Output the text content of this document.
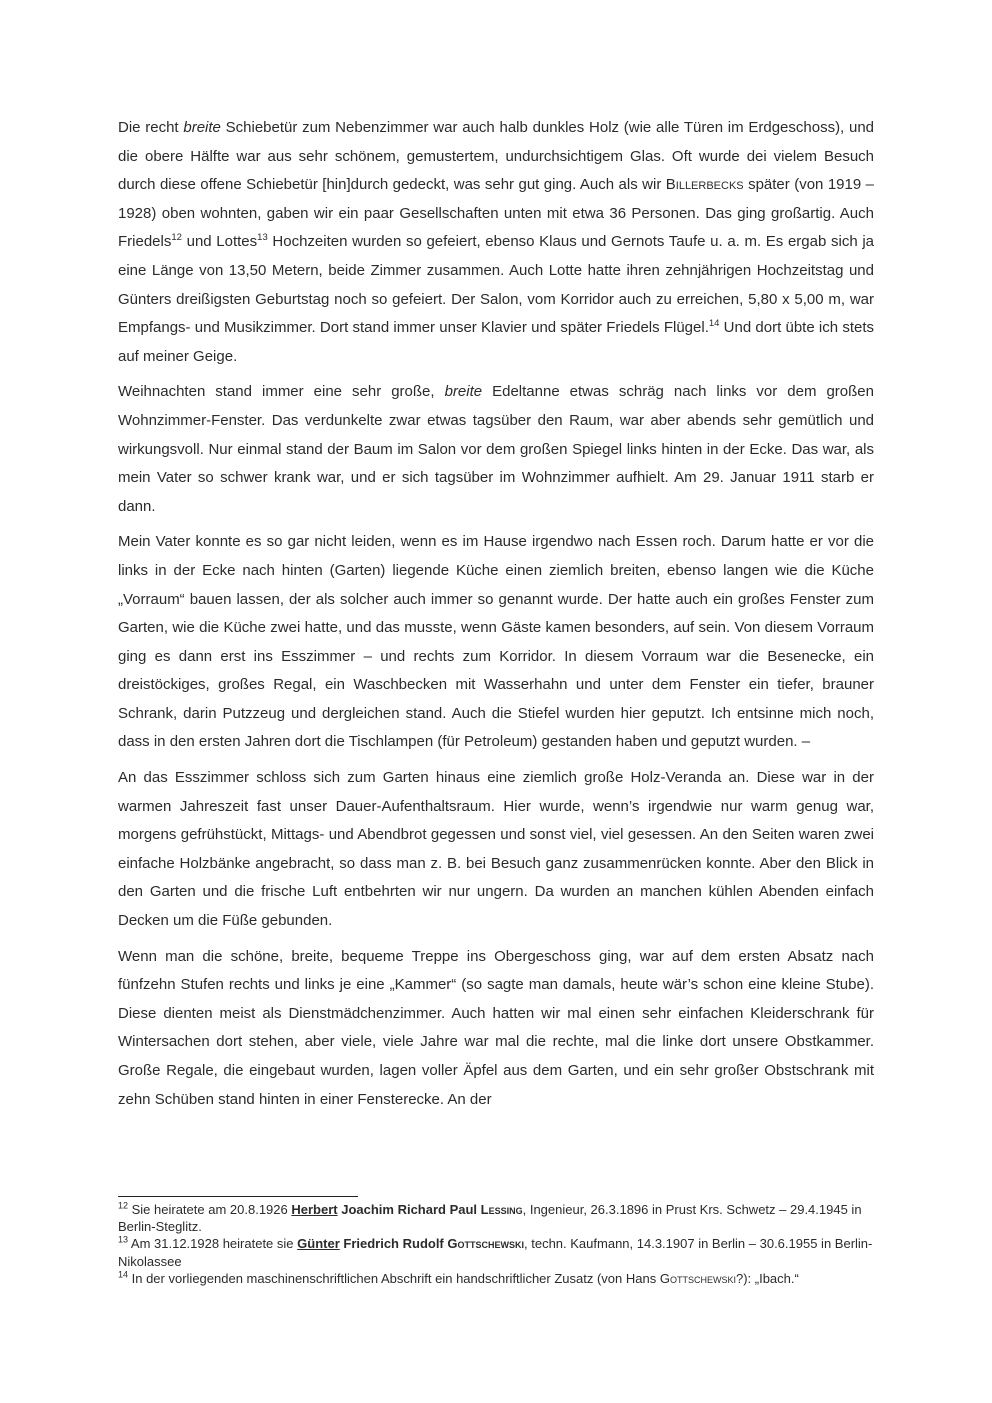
Die recht breite Schiebetür zum Nebenzimmer war auch halb dunkles Holz (wie alle Türen im Erdgeschoss), und die obere Hälfte war aus sehr schönem, gemustertem, undurchsichtigem Glas. Oft wurde dei vielem Besuch durch diese offene Schiebetür [hin]durch gedeckt, was sehr gut ging. Auch als wir Billerbecks später (von 1919 – 1928) oben wohnten, gaben wir ein paar Gesellschaften unten mit etwa 36 Personen. Das ging großartig. Auch Friedels$^{12}$ und Lottes$^{13}$ Hochzeiten wurden so gefeiert, ebenso Klaus und Gernots Taufe u. a. m. Es ergab sich ja eine Länge von 13,50 Metern, beide Zimmer zusammen. Auch Lotte hatte ihren zehnjährigen Hochzeitstag und Günters dreißigsten Geburtstag noch so gefeiert. Der Salon, vom Korridor auch zu erreichen, 5,80 x 5,00 m, war Empfangs- und Musikzimmer. Dort stand immer unser Klavier und später Friedels Flügel.$^{14}$ Und dort übte ich stets auf meiner Geige.

Weihnachten stand immer eine sehr große, breite Edeltanne etwas schräg nach links vor dem großen Wohnzimmer-Fenster. Das verdunkelte zwar etwas tagsüber den Raum, war aber abends sehr gemütlich und wirkungsvoll. Nur einmal stand der Baum im Salon vor dem großen Spiegel links hinten in der Ecke. Das war, als mein Vater so schwer krank war, und er sich tagsüber im Wohnzimmer aufhielt. Am 29. Januar 1911 starb er dann.

Mein Vater konnte es so gar nicht leiden, wenn es im Hause irgendwo nach Essen roch. Darum hatte er vor die links in der Ecke nach hinten (Garten) liegende Küche einen ziemlich breiten, ebenso langen wie die Küche „Vorraum“ bauen lassen, der als solcher auch immer so genannt wurde. Der hatte auch ein großes Fenster zum Garten, wie die Küche zwei hatte, und das musste, wenn Gäste kamen besonders, auf sein. Von diesem Vorraum ging es dann erst ins Esszimmer – und rechts zum Korridor. In diesem Vorraum war die Besenecke, ein dreistöckiges, großes Regal, ein Waschbecken mit Wasserhahn und unter dem Fenster ein tiefer, brauner Schrank, darin Putzzeug und dergleichen stand. Auch die Stiefel wurden hier geputzt. Ich entsinne mich noch, dass in den ersten Jahren dort die Tischlampen (für Petroleum) gestanden haben und geputzt wurden. –

An das Esszimmer schloss sich zum Garten hinaus eine ziemlich große Holz-Veranda an. Diese war in der warmen Jahreszeit fast unser Dauer-Aufenthaltsraum. Hier wurde, wenn’s irgendwie nur warm genug war, morgens gefrühstückt, Mittags- und Abendbrot gegessen und sonst viel, viel gesessen. An den Seiten waren zwei einfache Holzbänke angebracht, so dass man z. B. bei Besuch ganz zusammenrücken konnte. Aber den Blick in den Garten und die frische Luft entbehrten wir nur ungern. Da wurden an manchen kühlen Abenden einfach Decken um die Füße gebunden.

Wenn man die schöne, breite, bequeme Treppe ins Obergeschoss ging, war auf dem ersten Absatz nach fünfzehn Stufen rechts und links je eine „Kammer“ (so sagte man damals, heute wär’s schon eine kleine Stube). Diese dienten meist als Dienstmädchenzimmer. Auch hatten wir mal einen sehr einfachen Kleiderschrank für Wintersachen dort stehen, aber viele, viele Jahre war mal die rechte, mal die linke dort unsere Obstkammer. Große Regale, die eingebaut wurden, lagen voller Äpfel aus dem Garten, und ein sehr großer Obstschrank mit zehn Schüben stand hinten in einer Fensterecke. An der

$^{12}$ Sie heiratete am 20.8.1926 Herbert Joachim Richard Paul Lessing, Ingenieur, 26.3.1896 in Prust Krs. Schwetz – 29.4.1945 in Berlin-Steglitz.

$^{13}$ Am 31.12.1928 heiratete sie Günter Friedrich Rudolf Gottschewski, techn. Kaufmann, 14.3.1907 in Berlin – 30.6.1955 in Berlin-Nikolassee

$^{14}$ In der vorliegenden maschinenschriftlichen Abschrift ein handschriftlicher Zusatz (von Hans Gottschewski?): „Ibach.“
